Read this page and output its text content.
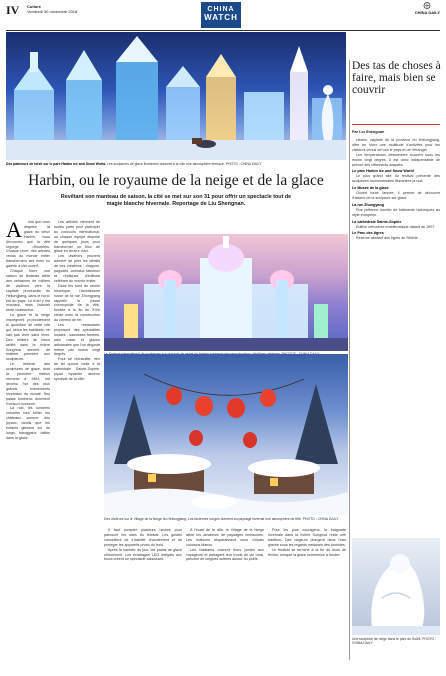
IV Culture
Vendredi 30 novembre 2018	CHINA
WATCH
CHINA DAILY
Des patineurs de loisir sur le parc Harbin Ice and Snow World. Les sculptures de glace illuminées donnent à la ville une atmosphère féerique. PHOTO : CHINA DAILY
Harbin, ou le royaume de la neige et de la glace
Revêtant son manteau de saison, la cité se met sur son 31 pour offrir un spectacle tout de magie blanche hivernale. Reportage de Liu Shengnan.
A	lors que vous dégelez la glace du vieux Harbin, vous découvrez que la ville regorge d'histoires. Chaque hiver, des artistes venus du monde entier transforment ses rives en galerie à ciel ouvert.

Chaque hiver, une saison de festivals attire des centaines de milliers de visiteurs vers la capitale provinciale du Heilongjiang, dans le nord-est du pays. Le froid y est mordant, mais l'accueil reste chaleureux.

La glace et la neige imprègnent profondément le quotidien de cette cité qui, selon les habitants, ne sait pas vivre sans hiver. Des milliers de blocs taillés dans la rivière Songhua servent de matière première aux sculpteurs.

Le festival des sculptures de glace, dont la première édition remonte à 1963, est devenu l'un des plus grands événements hivernaux du monde. Ses palais lumineux dominent l'horizon nocturne.

La nuit, les lumières colorées font briller les châteaux comme des joyaux, tandis que les enfants glissent sur de longs toboggans taillés dans la glace.

Les artistes viennent de toutes parts pour participer au concours international, où chaque équipe dispose de quelques jours pour transformer un bloc de glace en œuvre d'art.

Les visiteurs peuvent admirer de près les détails de ces créations : dragons, pagodes, animaux fabuleux et répliques d'édifices célèbres du monde entier.

Dans les rues du centre historique, l'architecture russe de la rue Zhongyang rappelle le passé cosmopolite de la ville, fondée à la fin du XIXe siècle avec la construction du chemin de fer.

Les restaurants proposent des spécialités locales : saucisses fumées, pain russe et glaces artisanales que l'on déguste même par moins vingt degrés.

Pour se réchauffer, rien de tel qu'une visite à la cathédrale Sainte-Sophie, joyau byzantin devenu symbole de la ville.

Des visiteurs sur le Village de la Neige du Heilongjiang. Les lanternes rouges donnent au paysage hivernal une atmosphère de fête. PHOTO : CHINA DAILY

Il faut compter plusieurs heures pour parcourir les sites du festival. Les guides conseillent de s'habiller chaudement et de protéger les appareils photo du froid.

Après la tombée du jour, les palais de glace s'illuminent. Les éclairages LED intégrés aux blocs créent un spectacle saisissant.

À l'écart de la ville, le Village de la Neige attire les amateurs de paysages immaculés. Les maisons disparaissent sous d'épais coussins blancs.

Les habitants ouvrent leurs portes aux voyageurs et partagent leur mode de vie rural, ponctué de longues soirées autour du poêle.

Pour les plus courageux, la baignade hivernale dans la rivière Songhua reste une tradition. Des nageurs plongent dans l'eau glacée sous les regards médusés des touristes.

Le festival se termine à la fin du mois de février, lorsque la glace commence à fondre.

Des tas de choses à faire, mais bien se couvrir
Par Liu Shengnan

Harbin, capitale de la province du Heilongjiang, offre en hiver une multitude d'activités pour les visiteurs venus de tout le pays et de l'étranger.

Les températures descendent souvent sous les moins vingt degrés. Il est donc indispensable de prévoir des vêtements adaptés.

Le parc Harbin Ice and Snow World

Le plus grand site du festival présente des sculptures monumentales illuminées la nuit.

Le Musée de la glace

Ouvert toute l'année, il permet de découvrir l'histoire de la sculpture sur glace.

La rue Zhongyang

Rue piétonne bordée de bâtiments historiques au style européen.

La cathédrale Sainte-Sophie

Édifice orthodoxe emblématique datant de 1907.

Le Parc des tigres

Réserve abritant des tigres de Sibérie.

Une sculpture de neige dans le parc du Soleil. PHOTO : CHINA DAILY
